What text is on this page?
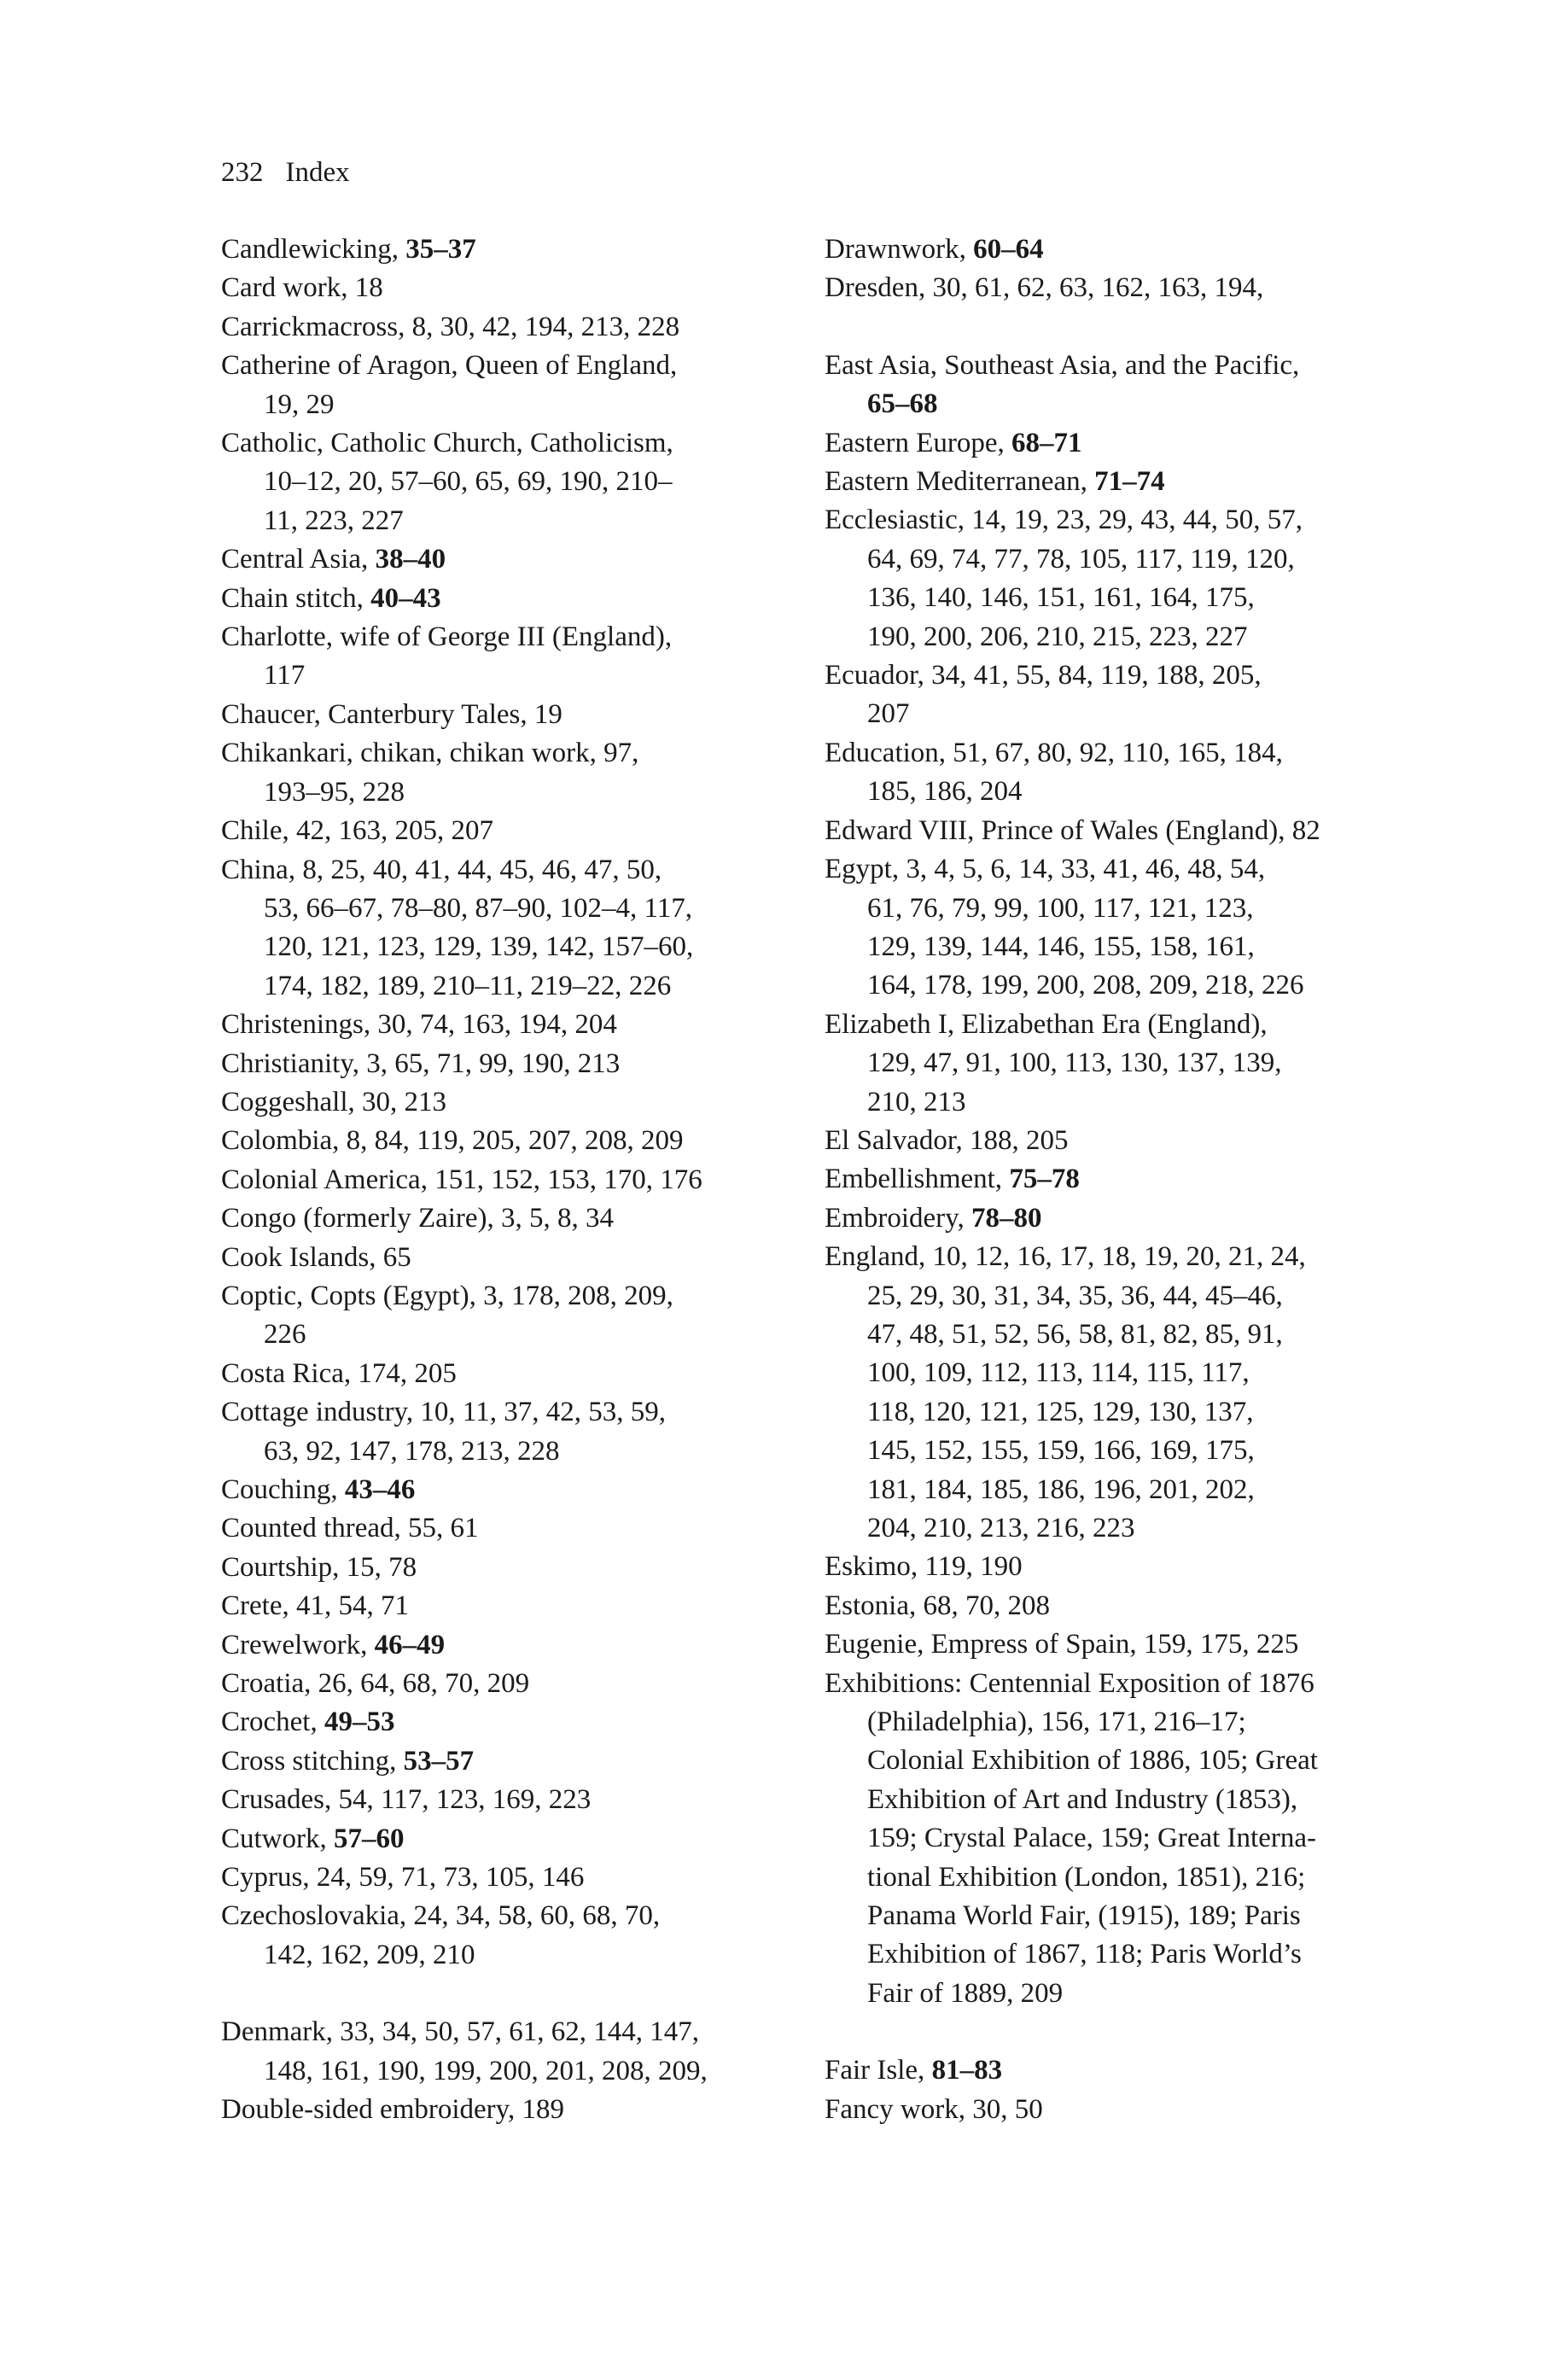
232 Index
Candlewicking, 35–37
Card work, 18
Carrickmacross, 8, 30, 42, 194, 213, 228
Catherine of Aragon, Queen of England,
19, 29
Catholic, Catholic Church, Catholicism,
10–12, 20, 57–60, 65, 69, 190, 210–
11, 223, 227
Central Asia, 38–40
Chain stitch, 40–43
Charlotte, wife of George III (England),
117
Chaucer, Canterbury Tales, 19
Chikankari, chikan, chikan work, 97,
193–95, 228
Chile, 42, 163, 205, 207
China, 8, 25, 40, 41, 44, 45, 46, 47, 50,
53, 66–67, 78–80, 87–90, 102–4, 117,
120, 121, 123, 129, 139, 142, 157–60,
174, 182, 189, 210–11, 219–22, 226
Christenings, 30, 74, 163, 194, 204
Christianity, 3, 65, 71, 99, 190, 213
Coggeshall, 30, 213
Colombia, 8, 84, 119, 205, 207, 208, 209
Colonial America, 151, 152, 153, 170, 176
Congo (formerly Zaire), 3, 5, 8, 34
Cook Islands, 65
Coptic, Copts (Egypt), 3, 178, 208, 209,
226
Costa Rica, 174, 205
Cottage industry, 10, 11, 37, 42, 53, 59,
63, 92, 147, 178, 213, 228
Couching, 43–46
Counted thread, 55, 61
Courtship, 15, 78
Crete, 41, 54, 71
Crewelwork, 46–49
Croatia, 26, 64, 68, 70, 209
Crochet, 49–53
Cross stitching, 53–57
Crusades, 54, 117, 123, 169, 223
Cutwork, 57–60
Cyprus, 24, 59, 71, 73, 105, 146
Czechoslovakia, 24, 34, 58, 60, 68, 70,
142, 162, 209, 210
Denmark, 33, 34, 50, 57, 61, 62, 144, 147,
148, 161, 190, 199, 200, 201, 208, 209,
Double-sided embroidery, 189
Drawnwork, 60–64
Dresden, 30, 61, 62, 63, 162, 163, 194,
East Asia, Southeast Asia, and the Pacific,
65–68
Eastern Europe, 68–71
Eastern Mediterranean, 71–74
Ecclesiastic, 14, 19, 23, 29, 43, 44, 50, 57,
64, 69, 74, 77, 78, 105, 117, 119, 120,
136, 140, 146, 151, 161, 164, 175,
190, 200, 206, 210, 215, 223, 227
Ecuador, 34, 41, 55, 84, 119, 188, 205,
207
Education, 51, 67, 80, 92, 110, 165, 184,
185, 186, 204
Edward VIII, Prince of Wales (England), 82
Egypt, 3, 4, 5, 6, 14, 33, 41, 46, 48, 54,
61, 76, 79, 99, 100, 117, 121, 123,
129, 139, 144, 146, 155, 158, 161,
164, 178, 199, 200, 208, 209, 218, 226
Elizabeth I, Elizabethan Era (England),
129, 47, 91, 100, 113, 130, 137, 139,
210, 213
El Salvador, 188, 205
Embellishment, 75–78
Embroidery, 78–80
England, 10, 12, 16, 17, 18, 19, 20, 21, 24,
25, 29, 30, 31, 34, 35, 36, 44, 45–46,
47, 48, 51, 52, 56, 58, 81, 82, 85, 91,
100, 109, 112, 113, 114, 115, 117,
118, 120, 121, 125, 129, 130, 137,
145, 152, 155, 159, 166, 169, 175,
181, 184, 185, 186, 196, 201, 202,
204, 210, 213, 216, 223
Eskimo, 119, 190
Estonia, 68, 70, 208
Eugenie, Empress of Spain, 159, 175, 225
Exhibitions: Centennial Exposition of 1876
(Philadelphia), 156, 171, 216–17;
Colonial Exhibition of 1886, 105; Great
Exhibition of Art and Industry (1853),
159; Crystal Palace, 159; Great Interna-
tional Exhibition (London, 1851), 216;
Panama World Fair, (1915), 189; Paris
Exhibition of 1867, 118; Paris World’s
Fair of 1889, 209
Fair Isle, 81–83
Fancy work, 30, 50
